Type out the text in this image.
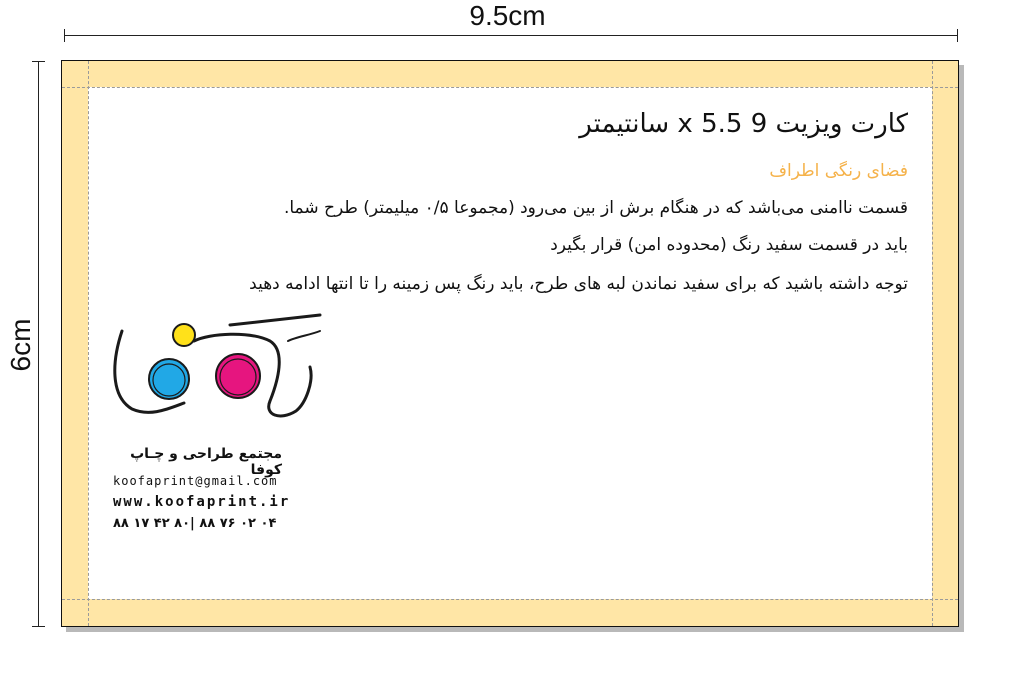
9.5cm
6cm
کارت ویزیت 9 x 5.5 سانتیمتر
فضای رنگی اطراف
قسمت ناامنی می‌باشد که در هنگام برش از بین می‌رود (مجموعا ۰/۵ میلیمتر) طرح شما.
باید در قسمت سفید رنگ (محدوده امن) قرار بگیرد
توجه داشته باشید که برای سفید نماندن لبه های طرح، باید رنگ پس زمینه را تا انتها ادامه دهید
مجتمع طراحی و چـاپ کوفا
koofaprint@gmail.com
www.koofaprint.ir
۸۸ ۱۷ ۴۲ ۸۰| ۸۸ ۷۶ ۰۲ ۰۴
